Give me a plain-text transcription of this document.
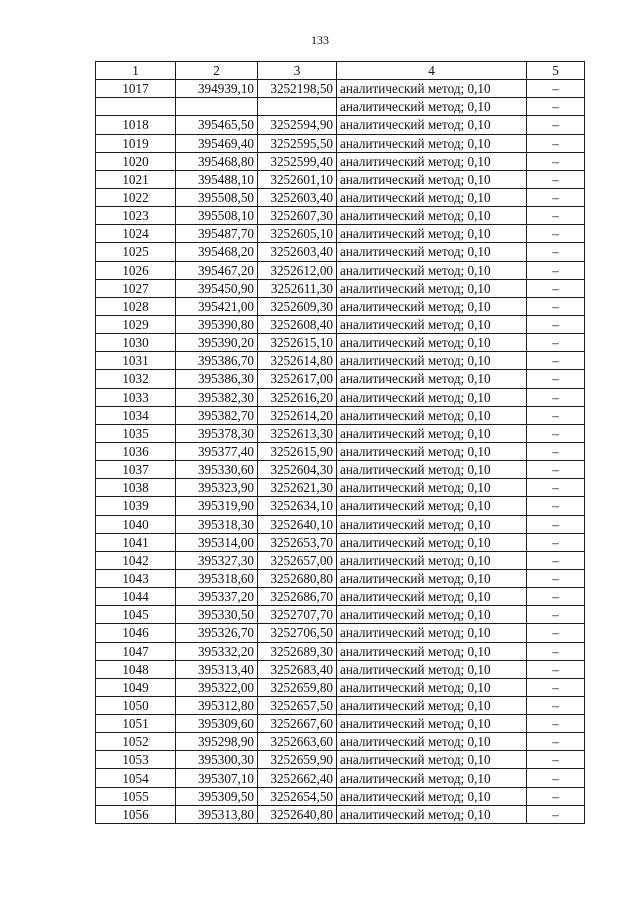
133
1	2	3	4	5
1017	394939,10	3252198,50	аналитический метод; 0,10	–
			аналитический метод; 0,10	–
1018	395465,50	3252594,90	аналитический метод; 0,10	–
1019	395469,40	3252595,50	аналитический метод; 0,10	–
1020	395468,80	3252599,40	аналитический метод; 0,10	–
1021	395488,10	3252601,10	аналитический метод; 0,10	–
1022	395508,50	3252603,40	аналитический метод; 0,10	–
1023	395508,10	3252607,30	аналитический метод; 0,10	–
1024	395487,70	3252605,10	аналитический метод; 0,10	–
1025	395468,20	3252603,40	аналитический метод; 0,10	–
1026	395467,20	3252612,00	аналитический метод; 0,10	–
1027	395450,90	3252611,30	аналитический метод; 0,10	–
1028	395421,00	3252609,30	аналитический метод; 0,10	–
1029	395390,80	3252608,40	аналитический метод; 0,10	–
1030	395390,20	3252615,10	аналитический метод; 0,10	–
1031	395386,70	3252614,80	аналитический метод; 0,10	–
1032	395386,30	3252617,00	аналитический метод; 0,10	–
1033	395382,30	3252616,20	аналитический метод; 0,10	–
1034	395382,70	3252614,20	аналитический метод; 0,10	–
1035	395378,30	3252613,30	аналитический метод; 0,10	–
1036	395377,40	3252615,90	аналитический метод; 0,10	–
1037	395330,60	3252604,30	аналитический метод; 0,10	–
1038	395323,90	3252621,30	аналитический метод; 0,10	–
1039	395319,90	3252634,10	аналитический метод; 0,10	–
1040	395318,30	3252640,10	аналитический метод; 0,10	–
1041	395314,00	3252653,70	аналитический метод; 0,10	–
1042	395327,30	3252657,00	аналитический метод; 0,10	–
1043	395318,60	3252680,80	аналитический метод; 0,10	–
1044	395337,20	3252686,70	аналитический метод; 0,10	–
1045	395330,50	3252707,70	аналитический метод; 0,10	–
1046	395326,70	3252706,50	аналитический метод; 0,10	–
1047	395332,20	3252689,30	аналитический метод; 0,10	–
1048	395313,40	3252683,40	аналитический метод; 0,10	–
1049	395322,00	3252659,80	аналитический метод; 0,10	–
1050	395312,80	3252657,50	аналитический метод; 0,10	–
1051	395309,60	3252667,60	аналитический метод; 0,10	–
1052	395298,90	3252663,60	аналитический метод; 0,10	–
1053	395300,30	3252659,90	аналитический метод; 0,10	–
1054	395307,10	3252662,40	аналитический метод; 0,10	–
1055	395309,50	3252654,50	аналитический метод; 0,10	–
1056	395313,80	3252640,80	аналитический метод; 0,10	–
